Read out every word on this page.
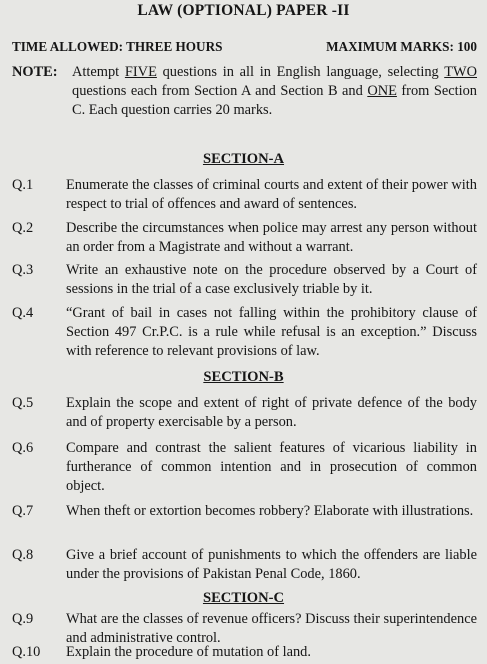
LAW (OPTIONAL) PAPER -II
TIME ALLOWED: THREE HOURS	MAXIMUM MARKS: 100
NOTE:	Attempt FIVE questions in all in English language, selecting TWO questions each from Section A and Section B and ONE from Section C. Each question carries 20 marks.
SECTION-A
Q.1	Enumerate the classes of criminal courts and extent of their power with respect to trial of offences and award of sentences.
Q.2	Describe the circumstances when police may arrest any person without an order from a Magistrate and without a warrant.
Q.3	Write an exhaustive note on the procedure observed by a Court of sessions in the trial of a case exclusively triable by it.
Q.4	“Grant of bail in cases not falling within the prohibitory clause of Section 497 Cr.P.C. is a rule while refusal is an exception.” Discuss with reference to relevant provisions of law.
SECTION-B
Q.5	Explain the scope and extent of right of private defence of the body and of property exercisable by a person.
Q.6	Compare and contrast the salient features of vicarious liability in furtherance of common intention and in prosecution of common object.
Q.7	When theft or extortion becomes robbery? Elaborate with illustrations.
Q.8	Give a brief account of punishments to which the offenders are liable under the provisions of Pakistan Penal Code, 1860.
SECTION-C
Q.9	What are the classes of revenue officers? Discuss their superintendence and administrative control.
Q.10	Explain the procedure of mutation of land.
